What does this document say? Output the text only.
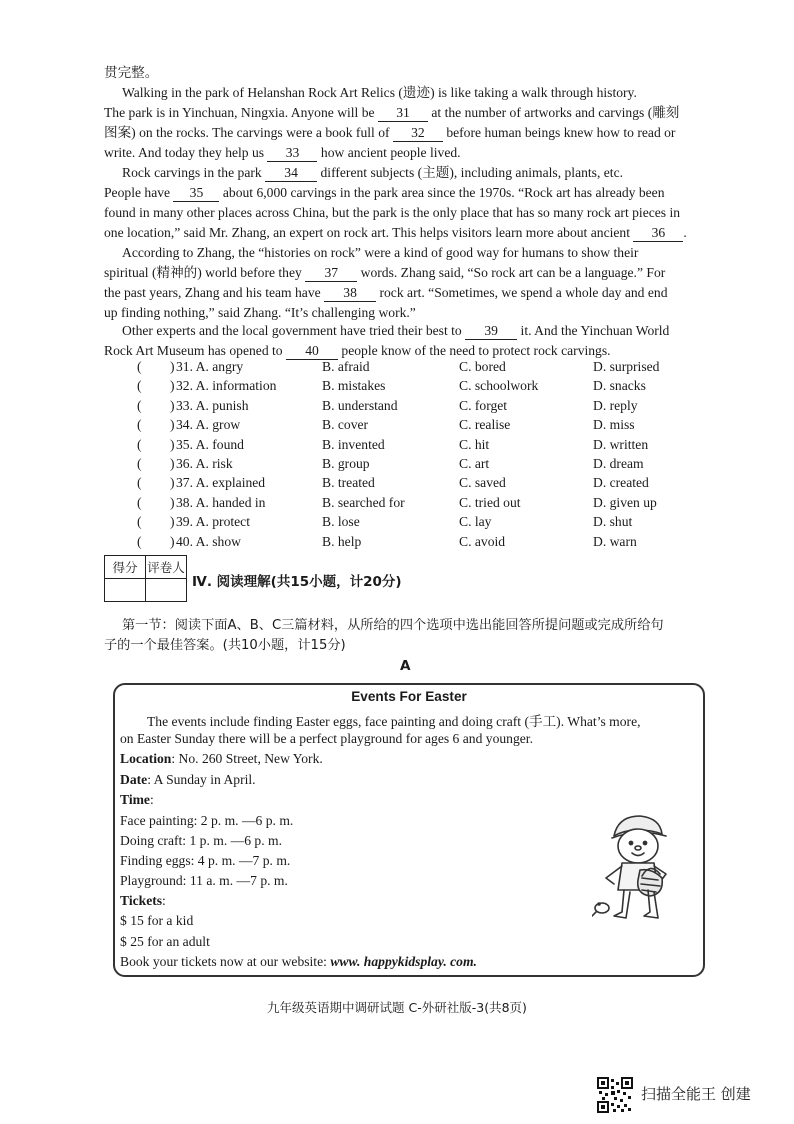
贯完整。
Walking in the park of Helanshan Rock Art Relics (遗迹) is like taking a walk through history.
The park is in Yinchuan, Ningxia. Anyone will be 31 at the number of artworks and carvings (雕刻
图案) on the rocks. The carvings were a book full of 32 before human beings knew how to read or
write. And today they help us 33 how ancient people lived.
Rock carvings in the park 34 different subjects (主题), including animals, plants, etc.
People have 35 about 6,000 carvings in the park area since the 1970s. “Rock art has already been
found in many other places across China, but the park is the only place that has so many rock art pieces in
one location,” said Mr. Zhang, an expert on rock art. This helps visitors learn more about ancient 36 .
According to Zhang, the “histories on rock” were a kind of good way for humans to show their
spiritual (精神的) world before they 37 words. Zhang said, “So rock art can be a language.” For
the past years, Zhang and his team have 38 rock art. “Sometimes, we spend a whole day and end
up finding nothing,” said Zhang. “It’s challenging work.”
Other experts and the local government have tried their best to 39 it. And the Yinchuan World
Rock Art Museum has opened to 40 people know of the need to protect rock carvings.
( ) 31. A. angry	B. afraid	C. bored	D. surprised
( ) 32. A. information	B. mistakes	C. schoolwork	D. snacks
( ) 33. A. punish	B. understand	C. forget	D. reply
( ) 34. A. grow	B. cover	C. realise	D. miss
( ) 35. A. found	B. invented	C. hit	D. written
( ) 36. A. risk	B. group	C. art	D. dream
( ) 37. A. explained	B. treated	C. saved	D. created
( ) 38. A. handed in	B. searched for	C. tried out	D. given up
( ) 39. A. protect	B. lose	C. lay	D. shut
( ) 40. A. show	B. help	C. avoid	D. warn
得分	评卷人

Ⅳ. 阅读理解(共15小题，计20分)
第一节：阅读下面A、B、C三篇材料，从所给的四个选项中选出能回答所提问题或完成所给句
子的一个最佳答案。(共10小题，计15分)
A
Events For Easter
The events include finding Easter eggs, face painting and doing craft (手工). What’s more,
on Easter Sunday there will be a perfect playground for ages 6 and younger.
Location: No. 260 Street, New York.
Date: A Sunday in April.
Time:
Face painting: 2 p. m. —6 p. m.
Doing craft: 1 p. m. —6 p. m.
Finding eggs: 4 p. m. —7 p. m.
Playground: 11 a. m. —7 p. m.
Tickets:
$ 15 for a kid
$ 25 for an adult
Book your tickets now at our website: www. happykidsplay. com.
九年级英语期中调研试题 C-外研社版-3(共8页)
扫描全能王 创建
